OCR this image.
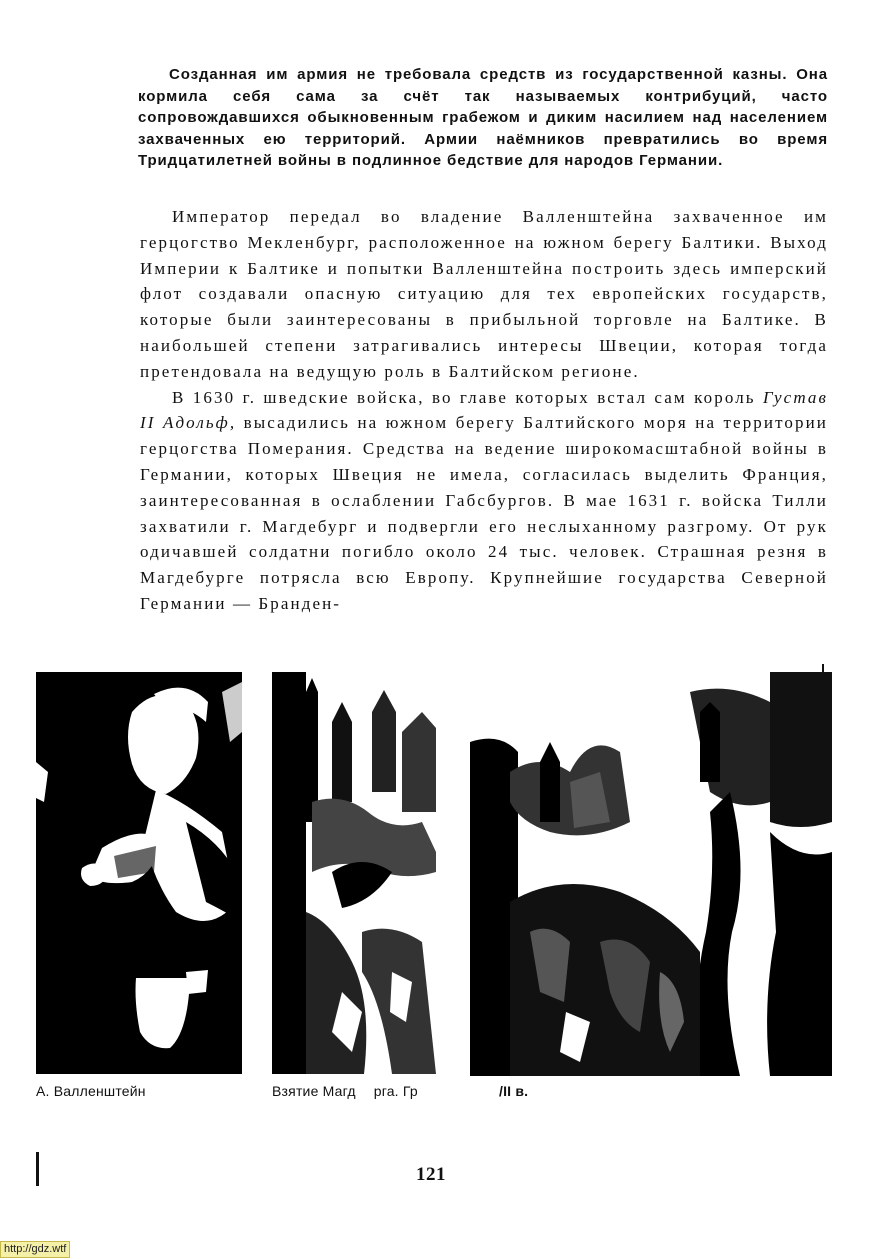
Созданная им армия не требовала средств из государственной казны. Она кормила себя сама за счёт так называемых контрибуций, часто сопровождавшихся обыкновенным грабежом и диким насилием над населением захваченных ею территорий. Армии наёмников превратились во время Тридцатилетней войны в подлинное бедствие для народов Германии.

Император передал во владение Валленштейна захваченное им герцогство Мекленбург, расположенное на южном берегу Балтики. Выход Империи к Балтике и попытки Валленштейна построить здесь имперский флот создавали опасную ситуацию для тех европейских государств, которые были заинтересованы в прибыльной торговле на Балтике. В наибольшей степени затрагивались интересы Швеции, которая тогда претендовала на ведущую роль в Балтийском регионе.

В 1630 г. шведские войска, во главе которых встал сам король Густав II Адольф, высадились на южном берегу Балтийского моря на территории герцогства Померания. Средства на ведение широкомасштабной войны в Германии, которых Швеция не имела, согласилась выделить Франция, заинтересованная в ослаблении Габсбургов. В мае 1631 г. войска Тилли захватили г. Магдебург и подвергли его неслыханному разгрому. От рук одичавшей солдатни погибло около 24 тыс. человек. Страшная резня в Магдебурге потрясла всю Европу. Крупнейшие государства Северной Германии — Бранден-

А. Валленштейн	Взятие Магд рга. Гр	/II в.
121
http://gdz.wtf
